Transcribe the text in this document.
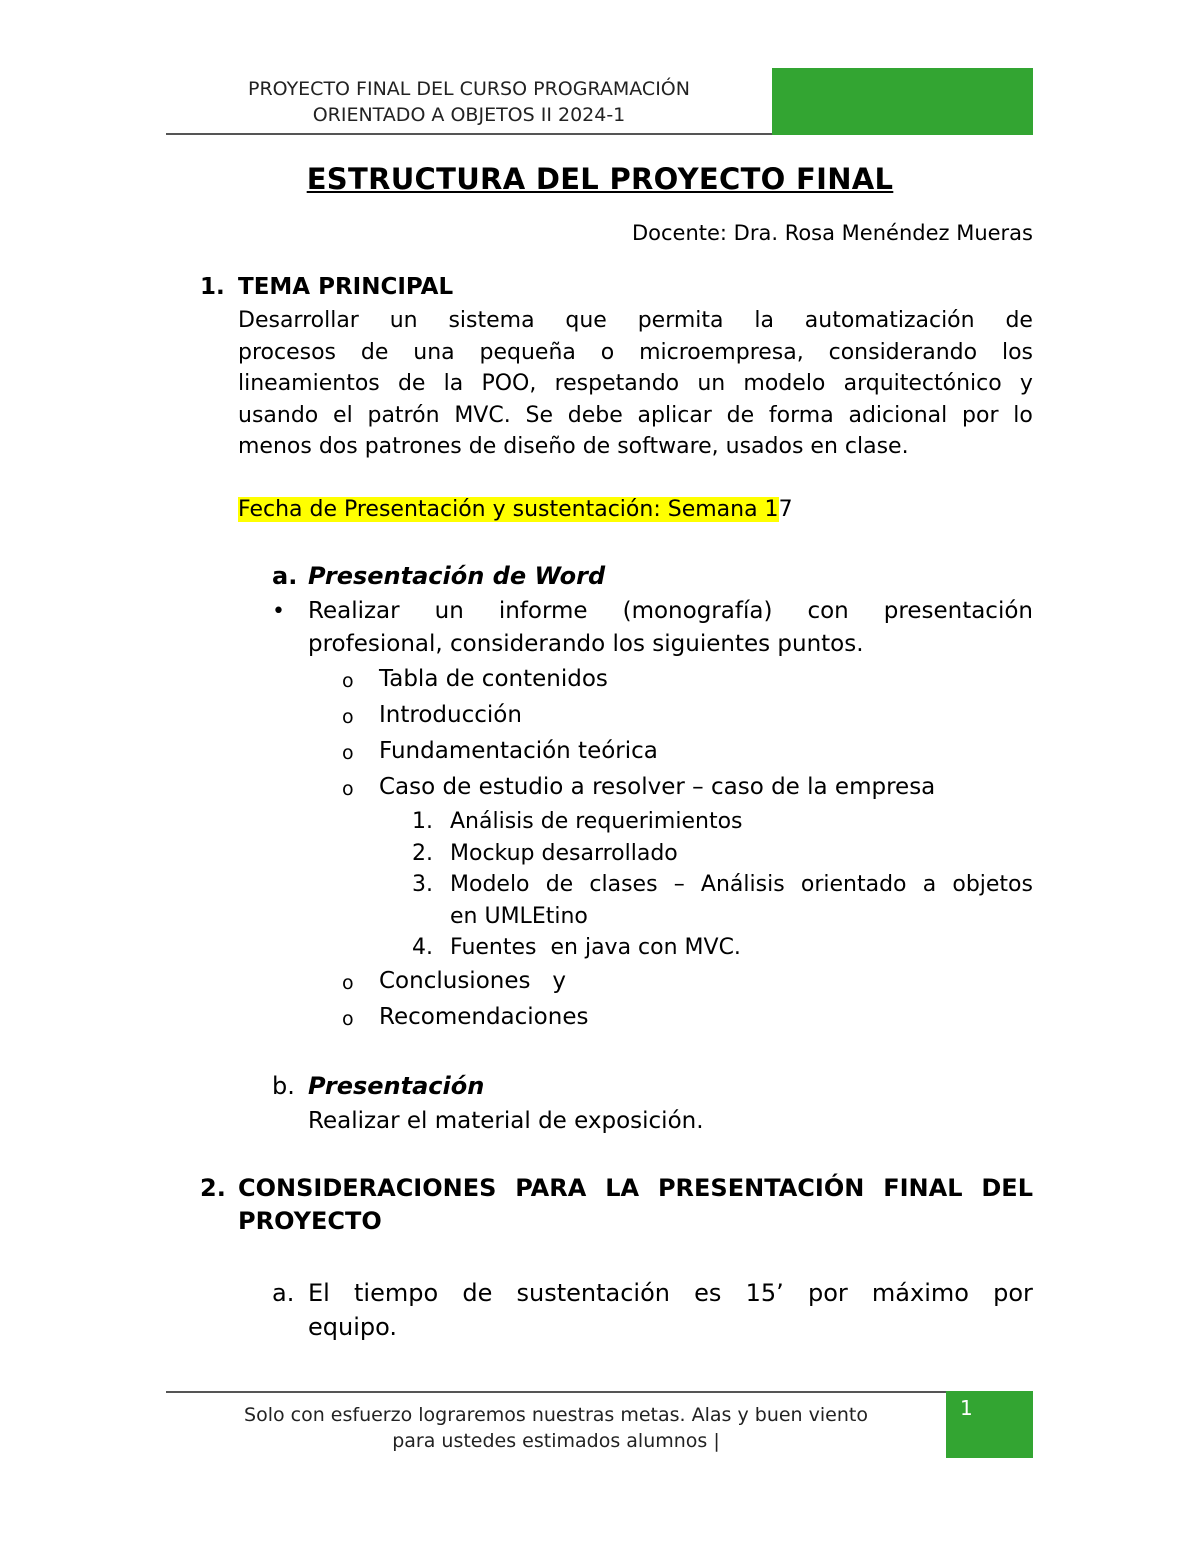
PROYECTO FINAL DEL CURSO PROGRAMACIÓN
ORIENTADO A OBJETOS II 2024-1
ESTRUCTURA DEL PROYECTO FINAL
Docente: Dra. Rosa Menéndez Mueras
1. TEMA PRINCIPAL
Desarrollar un sistema que permita la automatización de
procesos de una pequeña o microempresa, considerando los
lineamientos de la POO, respetando un modelo arquitectónico y
usando el patrón MVC. Se debe aplicar de forma adicional por lo
menos dos patrones de diseño de software, usados en clase.
Fecha de Presentación y sustentación: Semana 17
a. Presentación de Word
• Realizar un informe (monografía) con presentación
profesional, considerando los siguientes puntos.
o Tabla de contenidos
o Introducción
o Fundamentación teórica
o Caso de estudio a resolver – caso de la empresa
1. Análisis de requerimientos
2. Mockup desarrollado
3. Modelo de clases – Análisis orientado a objetos
en UMLEtino
4. Fuentes  en java con MVC.
o Conclusiones   y
o Recomendaciones
b. Presentación
Realizar el material de exposición.
2. CONSIDERACIONES PARA LA PRESENTACIÓN FINAL DEL
PROYECTO
a. El tiempo de sustentación es 15’ por máximo por
equipo.
Solo con esfuerzo lograremos nuestras metas. Alas y buen viento
para ustedes estimados alumnos |
1
